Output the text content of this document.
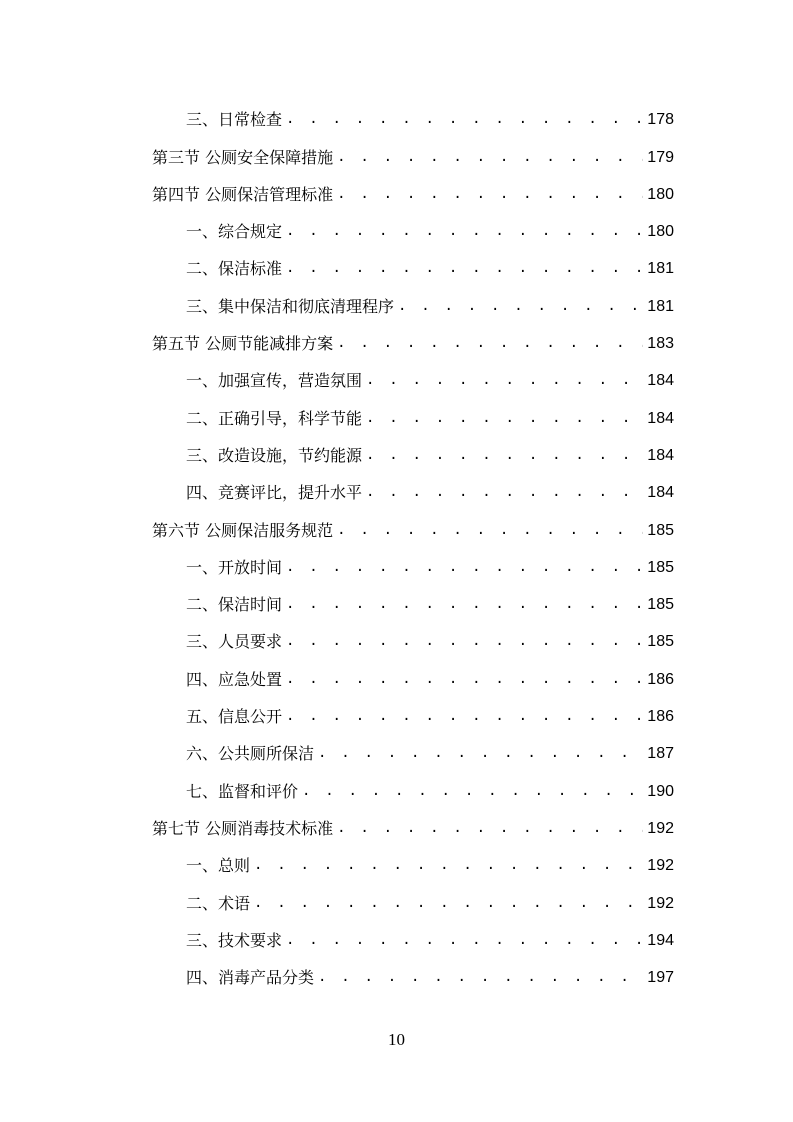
三、日常检查 . . .	178
第三节 公厕安全保障措施 . . .	179
第四节 公厕保洁管理标准 . . .	180
一、综合规定 . . .	180
二、保洁标准 . . .	181
三、集中保洁和彻底清理程序 . . .	181
第五节 公厕节能减排方案 . . .	183
一、加强宣传，营造氛围 . . .	184
二、正确引导，科学节能 . . .	184
三、改造设施，节约能源 . . .	184
四、竞赛评比，提升水平 . . .	184
第六节 公厕保洁服务规范 . . .	185
一、开放时间 . . .	185
二、保洁时间 . . .	185
三、人员要求 . . .	185
四、应急处置 . . .	186
五、信息公开 . . .	186
六、公共厕所保洁 . . .	187
七、监督和评价 . . .	190
第七节 公厕消毒技术标准 . . .	192
一、总则 . . .	192
二、术语 . . .	192
三、技术要求 . . .	194
四、消毒产品分类 . . .	197
10
